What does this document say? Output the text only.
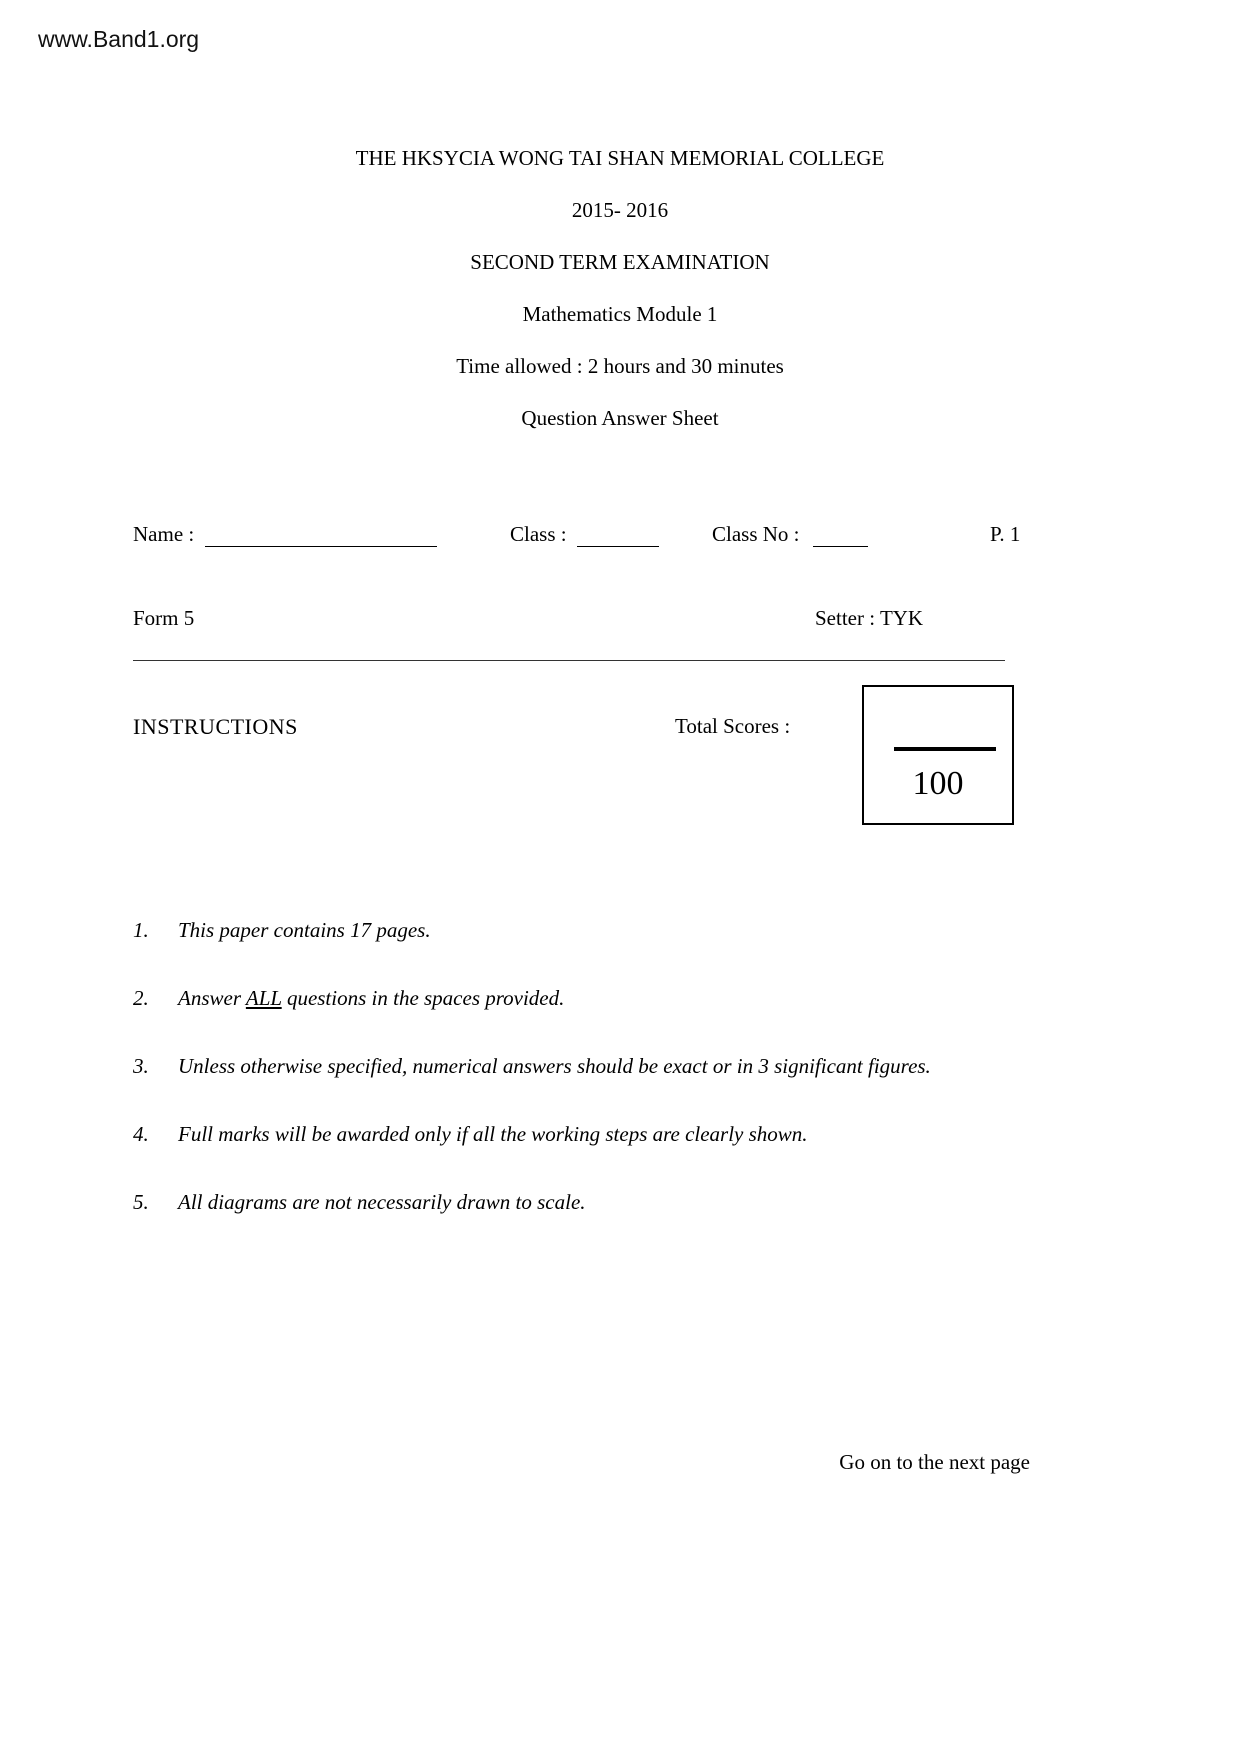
www.Band1.org

THE HKSYCIA WONG TAI SHAN MEMORIAL COLLEGE

2015- 2016

SECOND TERM EXAMINATION

Mathematics Module 1

Time allowed : 2 hours and 30 minutes

Question Answer Sheet

Name :	Class :	Class No :	P. 1
Form 5	Setter : TYK
INSTRUCTIONS	Total Scores :
100
1.	This paper contains 17 pages.
2.	Answer ALL questions in the spaces provided.
3.	Unless otherwise specified, numerical answers should be exact or in 3 significant figures.
4.	Full marks will be awarded only if all the working steps are clearly shown.
5.	All diagrams are not necessarily drawn to scale.
Go on to the next page
